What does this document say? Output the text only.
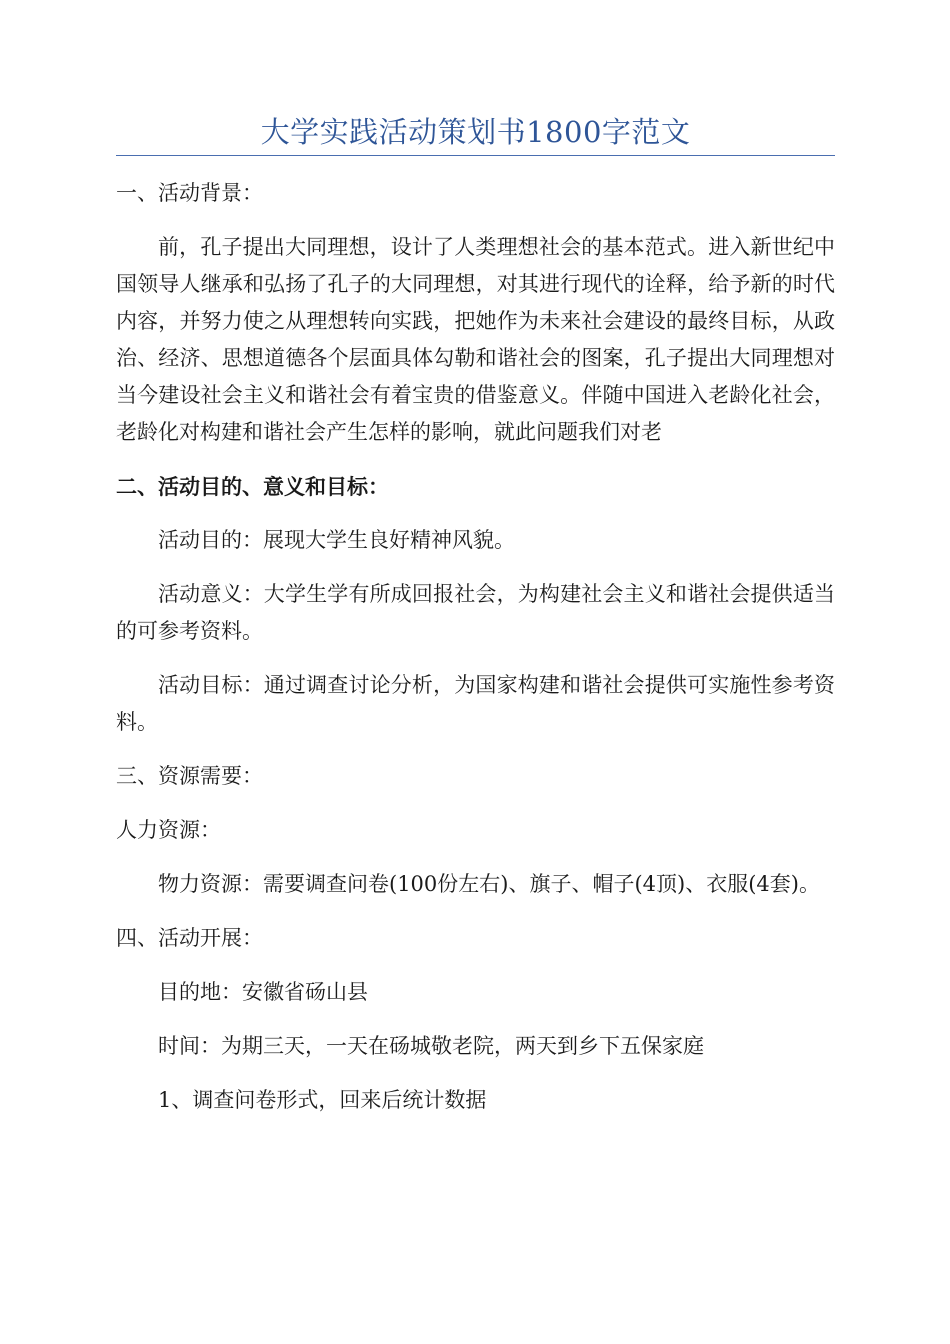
大学实践活动策划书1800字范文

一、活动背景：

前，孔子提出大同理想，设计了人类理想社会的基本范式。进入新世纪中国领导人继承和弘扬了孔子的大同理想，对其进行现代的诠释，给予新的时代内容，并努力使之从理想转向实践，把她作为未来社会建设的最终目标，从政治、经济、思想道德各个层面具体勾勒和谐社会的图案，孔子提出大同理想对当今建设社会主义和谐社会有着宝贵的借鉴意义。伴随中国进入老龄化社会，老龄化对构建和谐社会产生怎样的影响，就此问题我们对老

二、活动目的、意义和目标：

活动目的：展现大学生良好精神风貌。

活动意义：大学生学有所成回报社会，为构建社会主义和谐社会提供适当的可参考资料。

活动目标：通过调查讨论分析，为国家构建和谐社会提供可实施性参考资料。

三、资源需要：

人力资源：

物力资源：需要调查问卷(100份左右)、旗子、帽子(4顶)、衣服(4套)。

四、活动开展：

目的地：安徽省砀山县

时间：为期三天，一天在砀城敬老院，两天到乡下五保家庭

1、调查问卷形式，回来后统计数据
